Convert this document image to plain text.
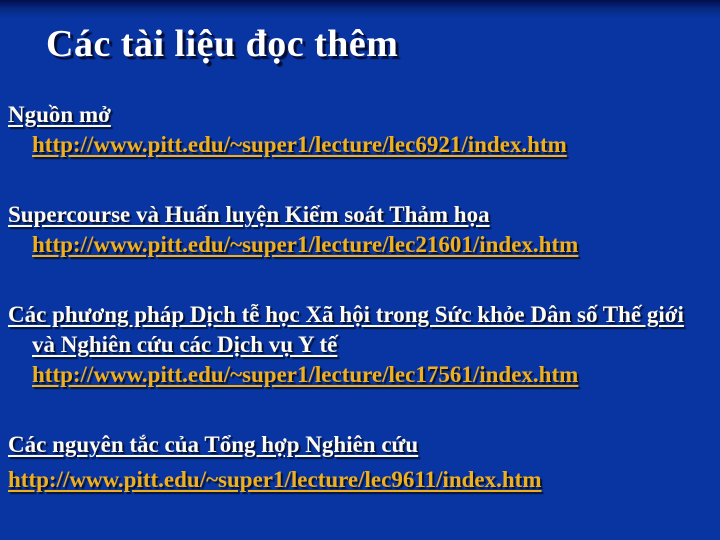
Các tài liệu đọc thêm
Nguồn mở
http://www.pitt.edu/~super1/lecture/lec6921/index.htm
Supercourse và Huấn luyện Kiểm soát Thảm họa
http://www.pitt.edu/~super1/lecture/lec21601/index.htm
Các phương pháp Dịch tễ học Xã hội trong Sức khỏe Dân số Thế giới và Nghiên cứu các Dịch vụ Y tế
http://www.pitt.edu/~super1/lecture/lec17561/index.htm
Các nguyên tắc của Tổng hợp Nghiên cứu
http://www.pitt.edu/~super1/lecture/lec9611/index.htm
